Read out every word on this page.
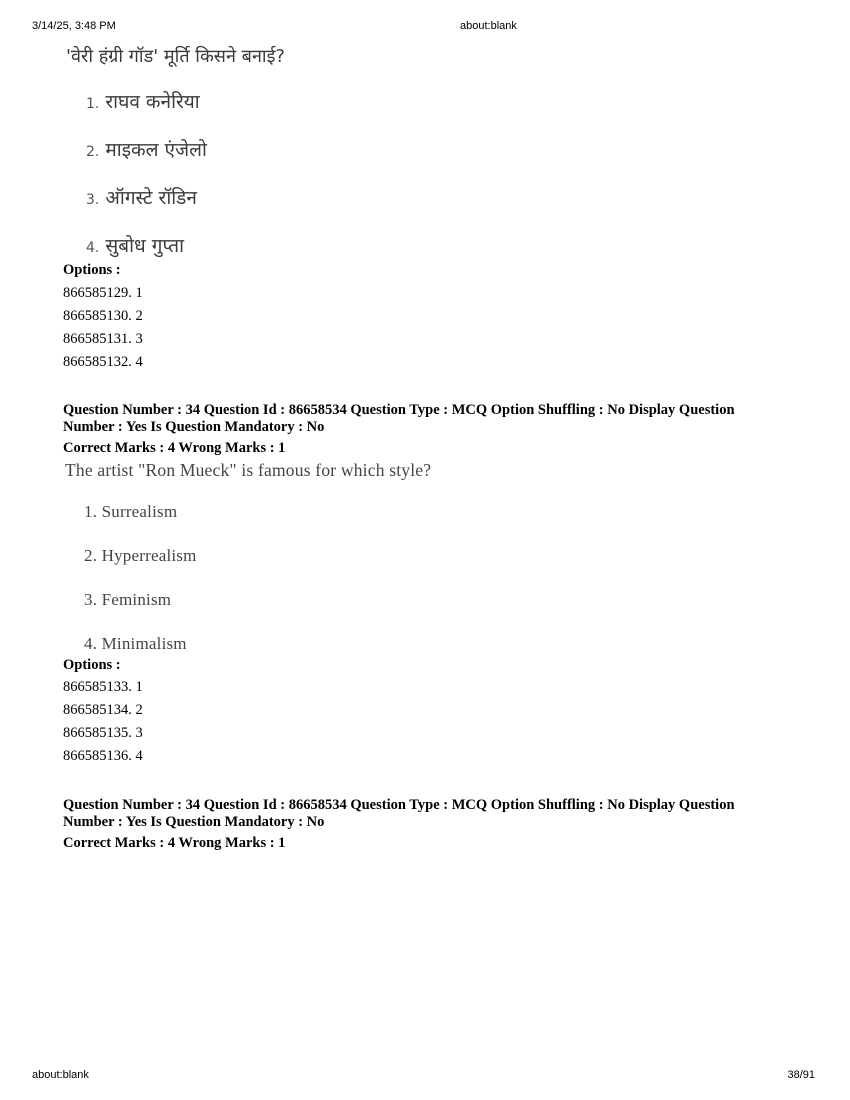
3/14/25, 3:48 PM	about:blank
'वेरी हंग्री गॉड' मूर्ति किसने बनाई?
1. राघव कनेरिया
2. माइकल एंजेलो
3. ऑगस्टे रॉडिन
4. सुबोध गुप्ता
Options :
866585129. 1
866585130. 2
866585131. 3
866585132. 4
Question Number : 34 Question Id : 86658534 Question Type : MCQ Option Shuffling : No Display Question
Number : Yes Is Question Mandatory : No
Correct Marks : 4 Wrong Marks : 1
The artist "Ron Mueck" is famous for which style?
1. Surrealism
2. Hyperrealism
3. Feminism
4. Minimalism
Options :
866585133. 1
866585134. 2
866585135. 3
866585136. 4
Question Number : 34 Question Id : 86658534 Question Type : MCQ Option Shuffling : No Display Question
Number : Yes Is Question Mandatory : No
Correct Marks : 4 Wrong Marks : 1
about:blank	38/91
